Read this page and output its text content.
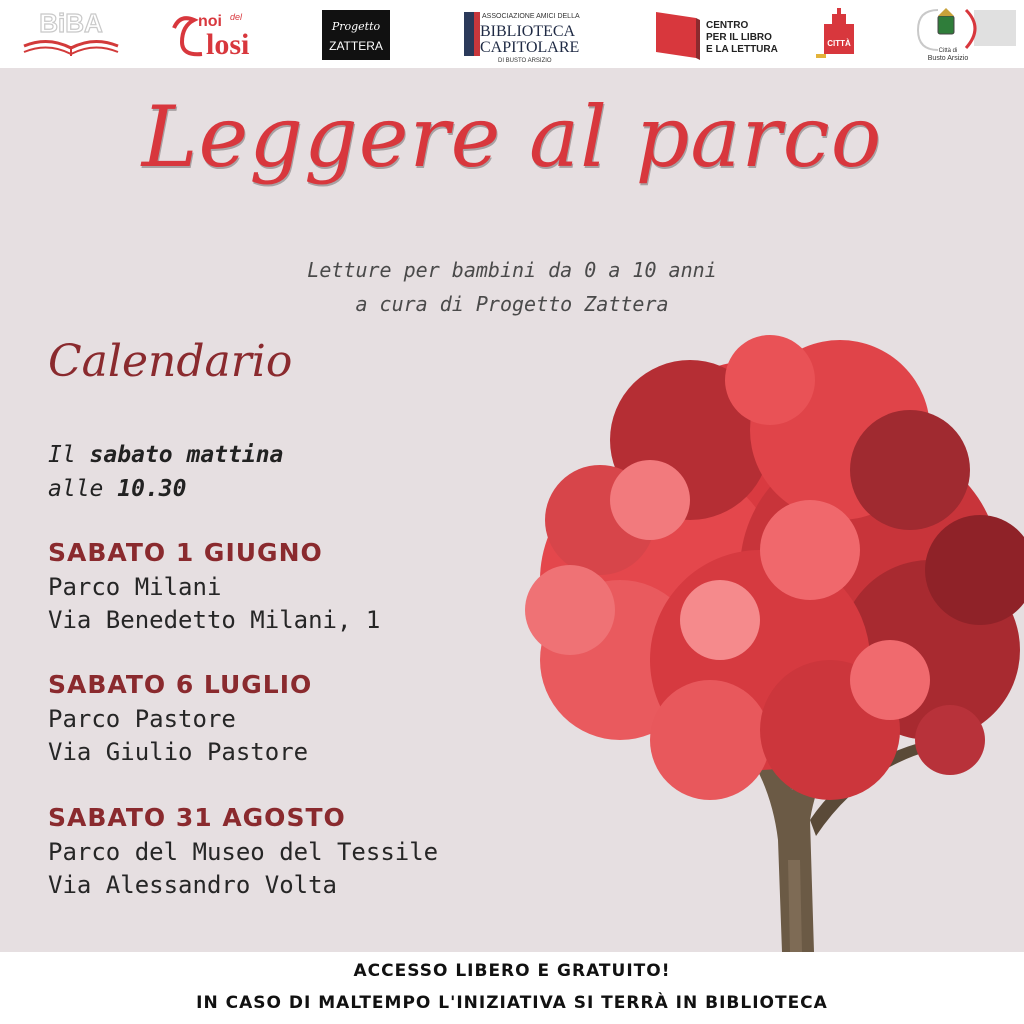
BiBA	noi del
losi
Progetto
ZATTERA
ASSOCIAZIONE AMICI DELLA
BIBLIOTECA
CAPITOLARE
DI BUSTO ARSIZIO
CENTRO
PER IL LIBRO
E LA LETTURA
CITTÀ
Città di
Busto Arsizio
Leggere al parco
Letture per bambini da 0 a 10 anni
a cura di Progetto Zattera
Calendario
Il sabato mattina
alle 10.30
SABATO 1 GIUGNO
Parco Milani
Via Benedetto Milani, 1
SABATO 6 LUGLIO
Parco Pastore
Via Giulio Pastore
SABATO 31 AGOSTO
Parco del Museo del Tessile
Via Alessandro Volta
ACCESSO LIBERO E GRATUITO!
IN CASO DI MALTEMPO L'INIZIATIVA SI TERRÀ IN BIBLIOTECA
